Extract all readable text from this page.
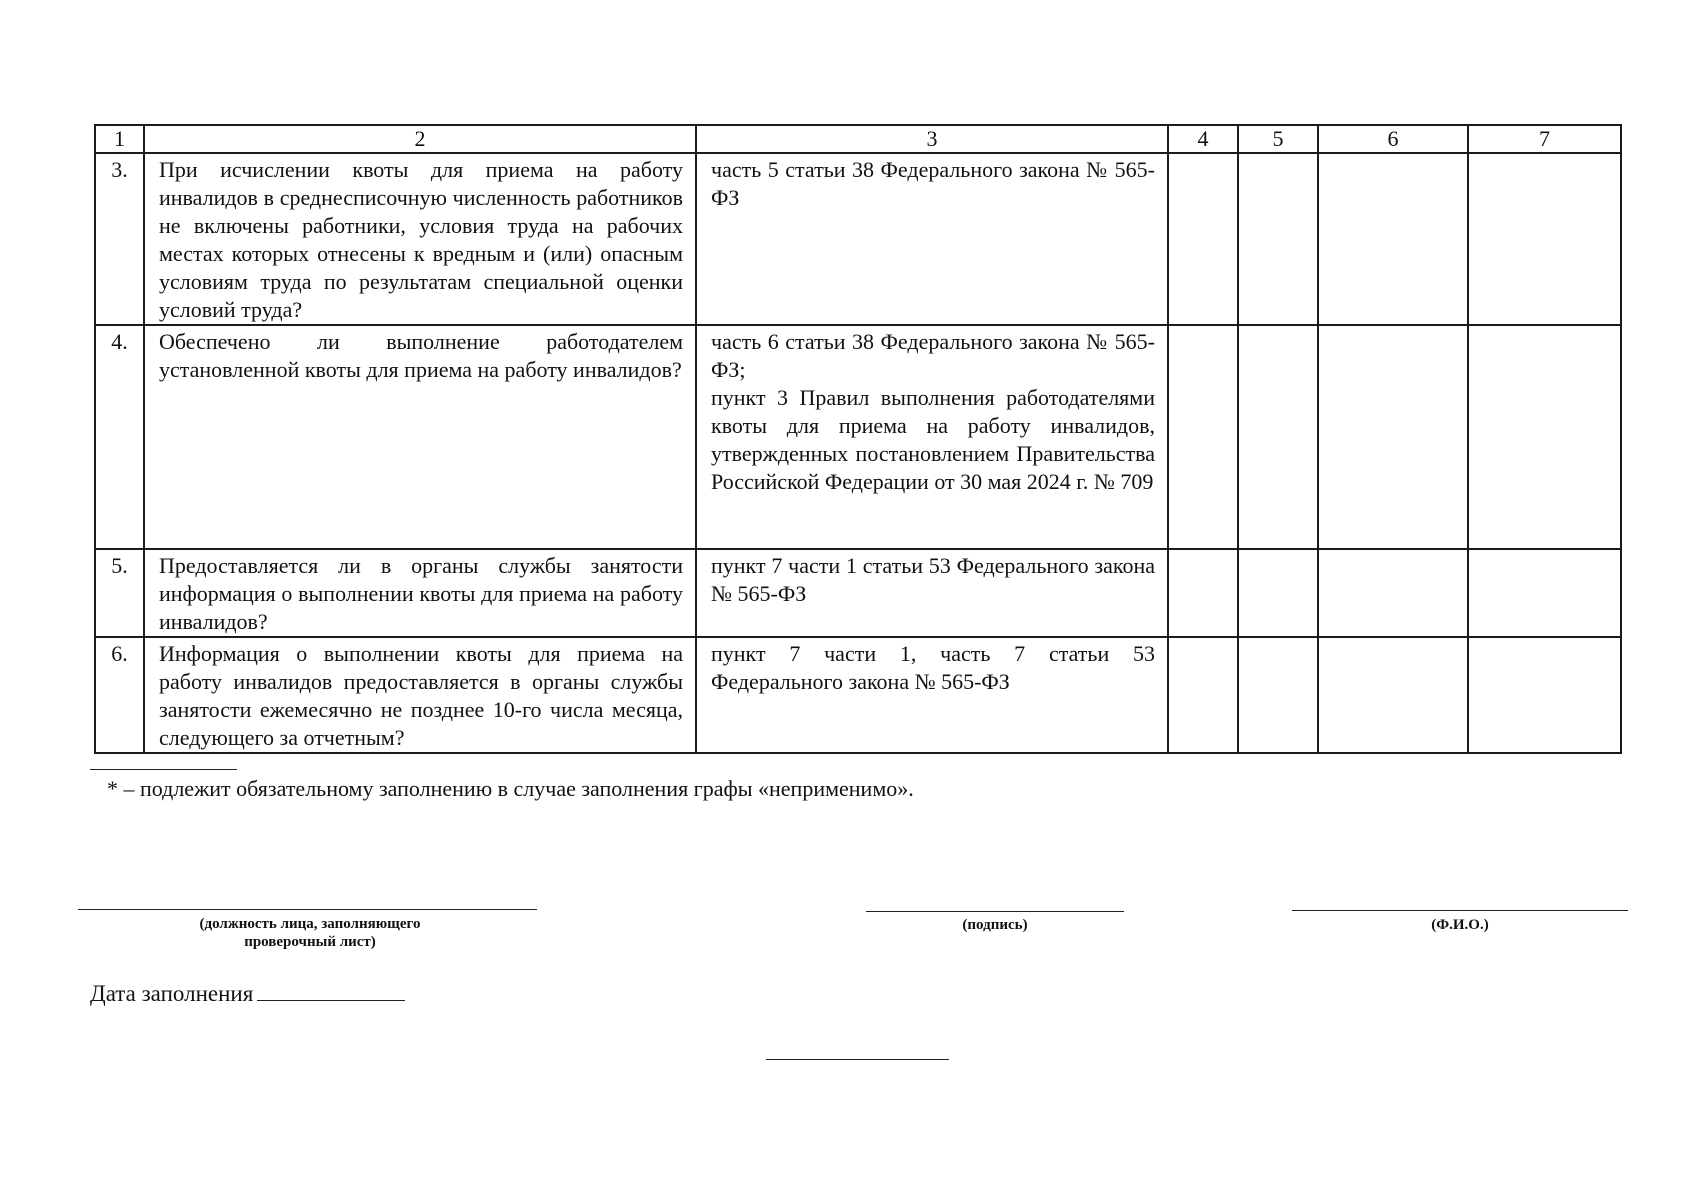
1	2	3	4	5	6	7
3.	При исчислении квоты для приема на работу инвалидов в среднесписочную численность работников не включены работники, условия труда на рабочих местах которых отнесены к вредным и (или) опасным условиям труда по результатам специальной оценки условий труда?	часть 5 статьи 38 Федерального закона № 565-ФЗ				

4.	Обеспечено ли выполнение работодателем установленной квоты для приема на работу инвалидов?	часть 6 статьи 38 Федерального закона № 565-ФЗ;
пункт 3 Правил выполнения работодателями квоты для приема на работу инвалидов, утвержденных постановлением Правительства Российской Федерации от 30 мая 2024 г. № 709				

5.	Предоставляется ли в органы службы занятости информация о выполнении квоты для приема на работу инвалидов?	пункт 7 части 1 статьи 53 Федерального закона № 565-ФЗ				

6.	Информация о выполнении квоты для приема на работу инвалидов предоставляется в органы службы занятости ежемесячно не позднее 10-го числа месяца, следующего за отчетным?	пункт 7 части 1, часть 7 статьи 53 Федерального закона № 565-ФЗ				

* – подлежит обязательному заполнению в случае заполнения графы «неприменимо».
(должность лица, заполняющего
проверочный лист)
(подпись)	(Ф.И.О.)
Дата заполнения
